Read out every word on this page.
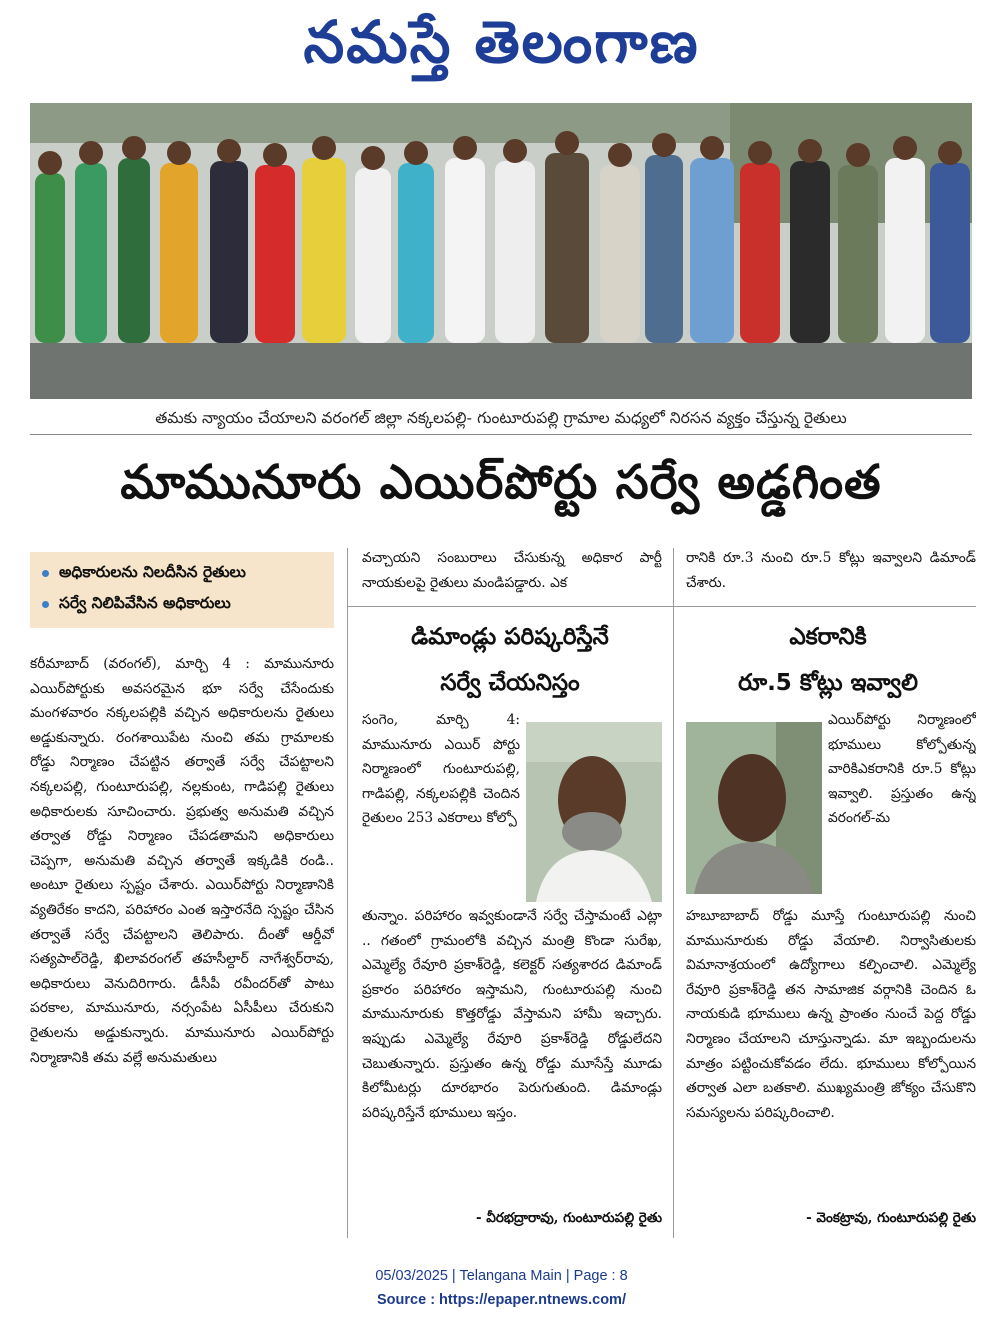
నమస్తే తెలంగాణ
తమకు న్యాయం చేయాలని వరంగల్ జిల్లా నక్కలపల్లి- గుంటూరుపల్లి గ్రామాల మధ్యలో నిరసన వ్యక్తం చేస్తున్న రైతులు
మామునూరు ఎయిర్‌పోర్టు సర్వే అడ్డగింత
అధికారులను నిలదీసిన రైతులు
సర్వే నిలిపివేసిన అధికారులు

కరీమాబాద్ (వరంగల్), మార్చి 4 : మామునూరు ఎయిర్‌పోర్టుకు అవసరమైన భూ సర్వే చేసేందుకు మంగళవారం నక్కలపల్లికి వచ్చిన అధికారులను రైతులు అడ్డుకున్నారు. రంగశాయిపేట నుంచి తమ గ్రామాలకు రోడ్డు నిర్మాణం చేపట్టిన తర్వాతే సర్వే చేపట్టాలని నక్కలపల్లి, గుంటూరుపల్లి, నల్లకుంట, గాడిపల్లి రైతులు అధికారులకు సూచించారు. ప్రభుత్వ అనుమతి వచ్చిన తర్వాత రోడ్డు నిర్మాణం చేపడతామని అధికారులు చెప్పగా, అనుమతి వచ్చిన తర్వాతే ఇక్కడికి రండి.. అంటూ రైతులు స్పష్టం చేశారు. ఎయిర్‌పోర్టు నిర్మాణానికి వ్యతిరేకం కాదని, పరిహారం ఎంత ఇస్తారనేది స్పష్టం చేసిన తర్వాతే సర్వే చేపట్టాలని తెలిపారు. దీంతో ఆర్డీవో సత్యపాల్‌రెడ్డి, ఖిలావరంగల్ తహసీల్దార్ నాగేశ్వర్‌రావు, అధికారులు వెనుదిరిగారు. డీసీపీ రవీందర్‌తో పాటు పరకాల, మామునూరు, నర్సంపేట ఏసీపీలు చేరుకుని రైతులను అడ్డుకున్నారు. మామునూరు ఎయిర్‌పోర్టు నిర్మాణానికి తమ వల్లే అనుమతులు

వచ్చాయని సంబురాలు చేసుకున్న అధికార పార్టీ నాయకులపై రైతులు మండిపడ్డారు. ఎక

రానికి రూ.3 నుంచి రూ.5 కోట్లు ఇవ్వాలని డిమాండ్ చేశారు.

డిమాండ్లు పరిష్కరిస్తేనే
సర్వే చేయనిస్తం

సంగెం, మార్చి 4: మామునూరు ఎయిర్ పోర్టు నిర్మాణంలో గుంటూరుపల్లి, గాడిపల్లి, నక్కలపల్లికి చెందిన రైతులం 253 ఎకరాలు కోల్పో

తున్నాం. పరిహారం ఇవ్వకుండానే సర్వే చేస్తామంటే ఎట్లా .. గతంలో గ్రామంలోకి వచ్చిన మంత్రి కొండా సురేఖ, ఎమ్మెల్యే రేవూరి ప్రకాశ్‌రెడ్డి, కలెక్టర్ సత్యశారద డిమాండ్ ప్రకారం పరిహారం ఇస్తామని, గుంటూరుపల్లి నుంచి మామునూరుకు కొత్తరోడ్డు వేస్తామని హామీ ఇచ్చారు. ఇప్పుడు ఎమ్మెల్యే రేవూరి ప్రకాశ్‌రెడ్డి రోడ్డులేదని చెబుతున్నారు. ప్రస్తుతం ఉన్న రోడ్డు మూసేస్తే మూడు కిలోమీటర్లు దూరభారం పెరుగుతుంది. డిమాండ్లు పరిష్కరిస్తేనే భూములు ఇస్తం.

- వీరభద్రారావు, గుంటూరుపల్లి రైతు
ఎకరానికి
రూ.5 కోట్లు ఇవ్వాలి

ఎయిర్‌పోర్టు నిర్మాణంలో భూములు కోల్పోతున్న వారికిఎకరానికి రూ.5 కోట్లు ఇవ్వాలి. ప్రస్తుతం ఉన్న వరంగల్-మ

హబూబాబాద్ రోడ్డు మూస్తే గుంటూరుపల్లి నుంచి మామునూరుకు రోడ్డు వేయాలి. నిర్వాసితులకు విమానాశ్రయంలో ఉద్యోగాలు కల్పించాలి. ఎమ్మెల్యే రేవూరి ప్రకాశ్‌రెడ్డి తన సామాజిక వర్గానికి చెందిన ఓ నాయకుడి భూములు ఉన్న ప్రాంతం నుంచే పెద్ద రోడ్డు నిర్మాణం చేయాలని చూస్తున్నాడు. మా ఇబ్బందులను మాత్రం పట్టించుకోవడం లేదు. భూములు కోల్పోయిన తర్వాత ఎలా బతకాలి. ముఖ్యమంత్రి జోక్యం చేసుకొని సమస్యలను పరిష్కరించాలి.

- వెంకట్రావు, గుంటూరుపల్లి రైతు
05/03/2025 | Telangana Main | Page : 8
Source : https://epaper.ntnews.com/
